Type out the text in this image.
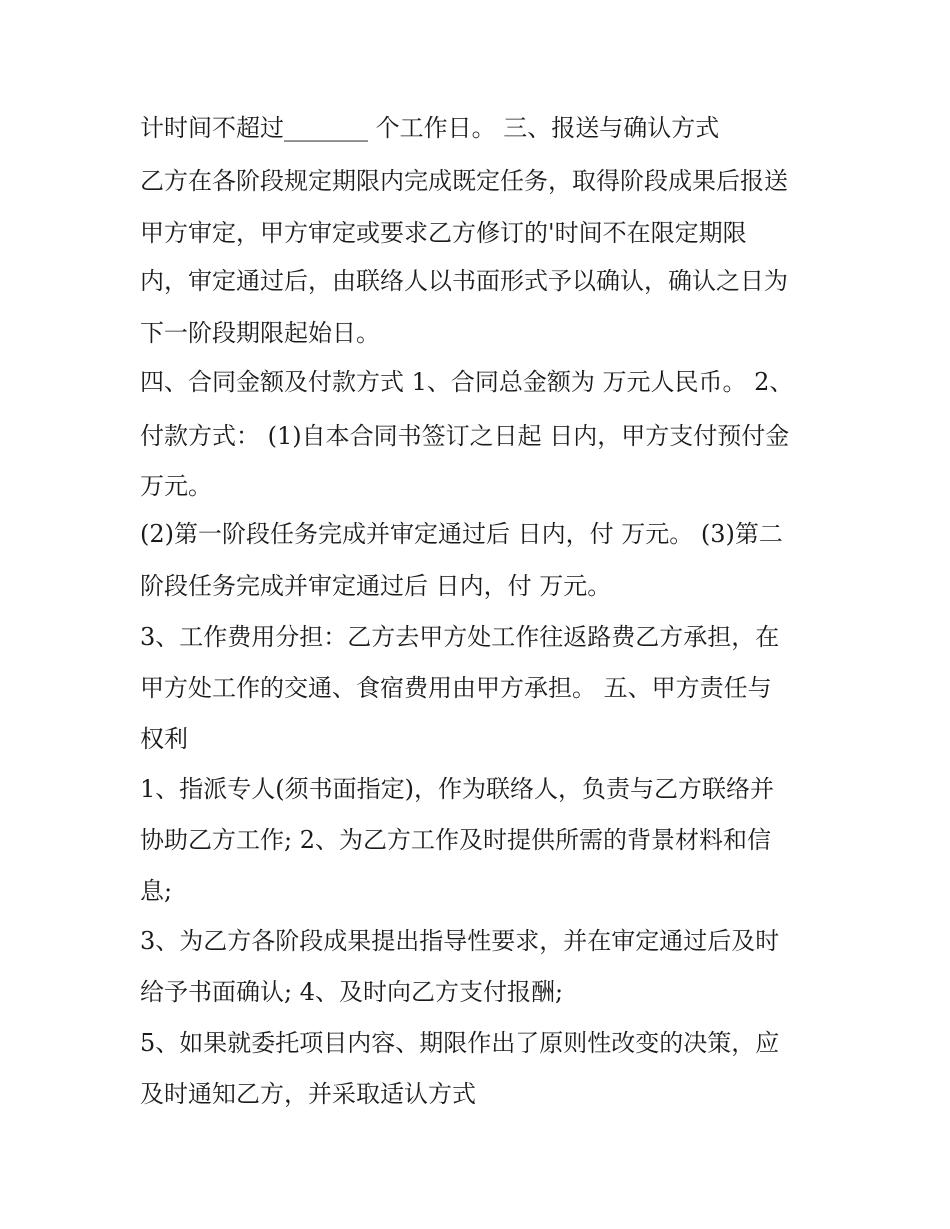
计时间不超过_______ 个工作日。 三、报送与确认方式
乙方在各阶段规定期限内完成既定任务，取得阶段成果后报送
甲方审定，甲方审定或要求乙方修订的'时间不在限定期限
内，审定通过后，由联络人以书面形式予以确认，确认之日为
下一阶段期限起始日。
四、合同金额及付款方式 1、合同总金额为 万元人民币。 2、
付款方式： (1)自本合同书签订之日起 日内，甲方支付预付金
万元。
(2)第一阶段任务完成并审定通过后 日内，付 万元。 (3)第二
阶段任务完成并审定通过后 日内，付 万元。
3、工作费用分担：乙方去甲方处工作往返路费乙方承担，在
甲方处工作的交通、食宿费用由甲方承担。 五、甲方责任与
权利
1、指派专人(须书面指定)，作为联络人，负责与乙方联络并
协助乙方工作; 2、为乙方工作及时提供所需的背景材料和信
息;
3、为乙方各阶段成果提出指导性要求，并在审定通过后及时
给予书面确认; 4、及时向乙方支付报酬;
5、如果就委托项目内容、期限作出了原则性改变的决策，应
及时通知乙方，并采取适认方式
